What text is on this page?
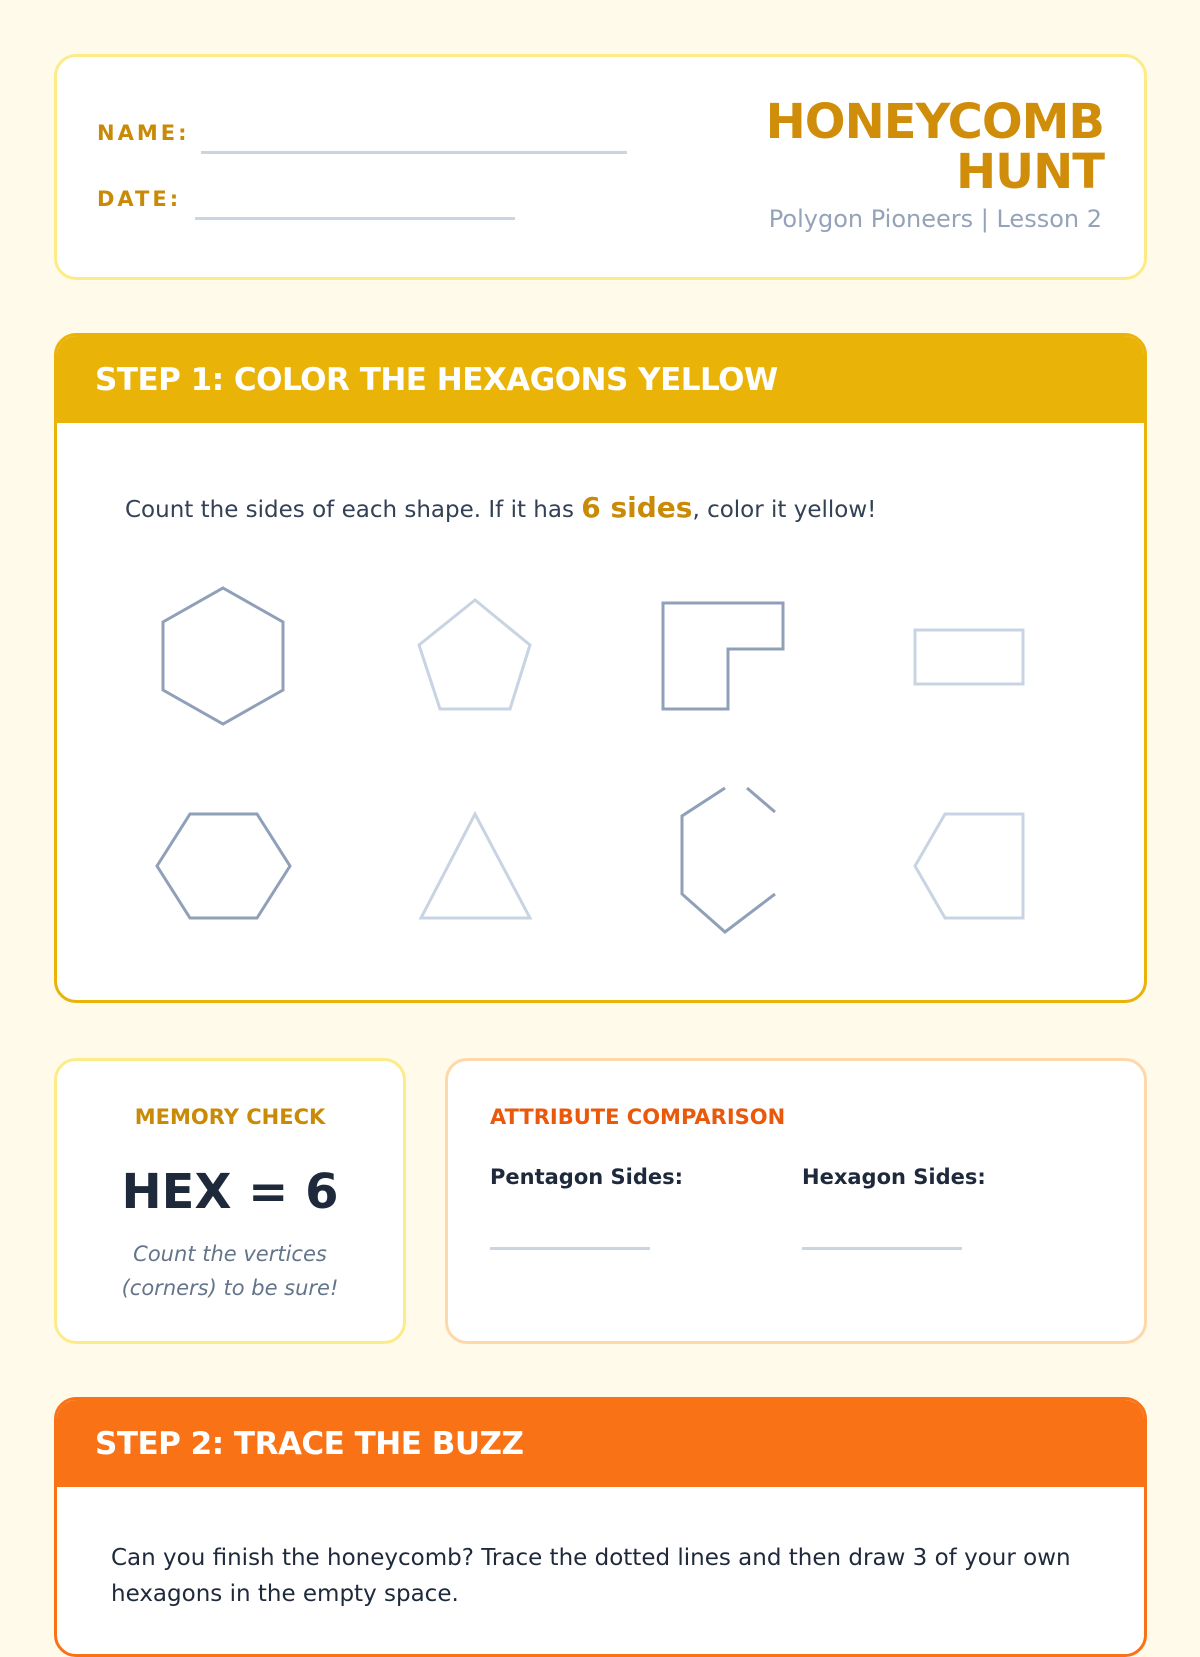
NAME:
DATE:
HONEYCOMB
HUNT
Polygon Pioneers | Lesson 2
STEP 1: COLOR THE HEXAGONS YELLOW
Count the sides of each shape. If it has 6 sides, color it yellow!
MEMORY CHECK
HEX = 6
Count the vertices (corners) to be sure!
ATTRIBUTE COMPARISON
Pentagon Sides:	Hexagon Sides:
STEP 2: TRACE THE BUZZ
Can you finish the honeycomb? Trace the dotted lines and then draw 3 of your own hexagons in the empty space.
